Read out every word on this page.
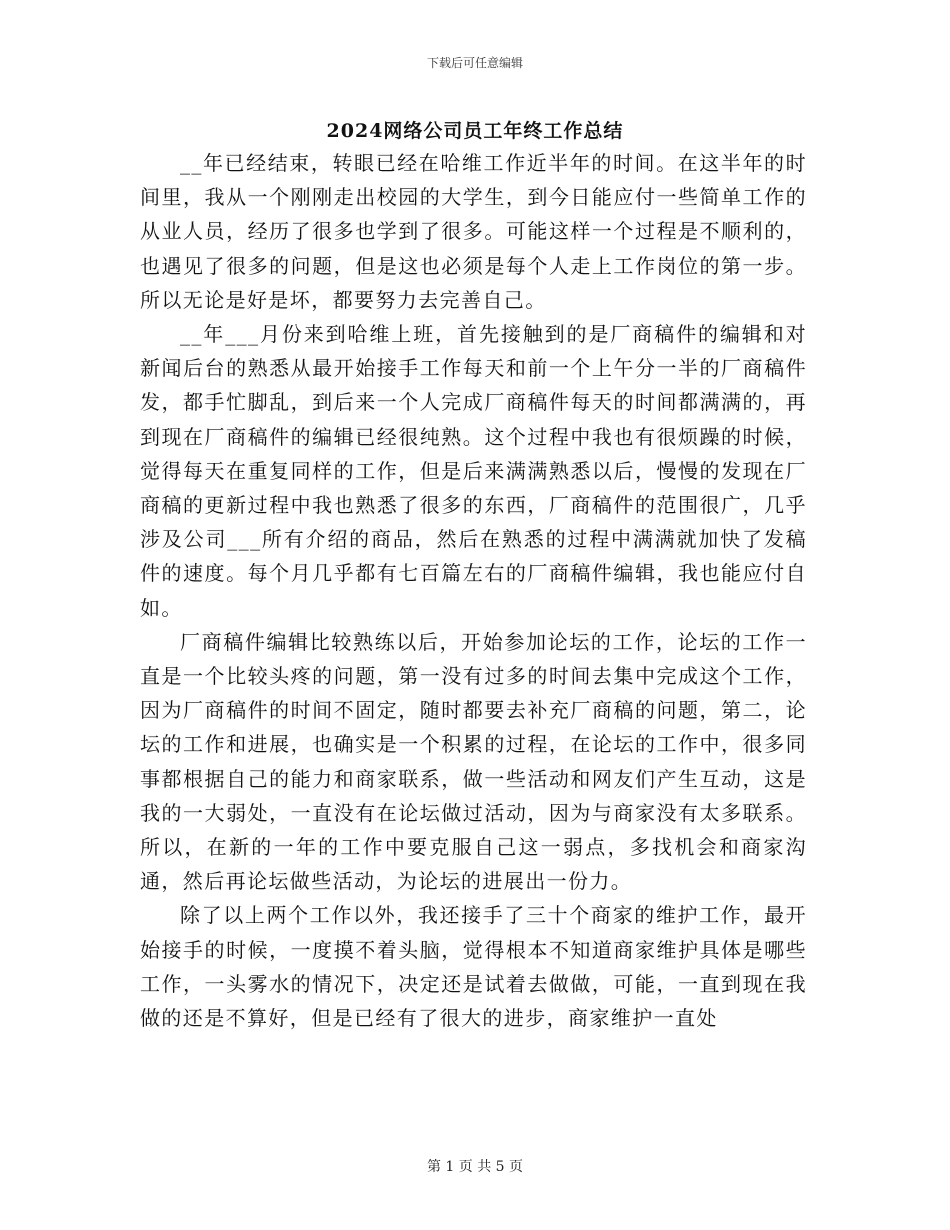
下载后可任意编辑
2024网络公司员工年终工作总结

__年已经结束，转眼已经在哈维工作近半年的时间。在这半年的时间里，我从一个刚刚走出校园的大学生，到今日能应付一些简单工作的从业人员，经历了很多也学到了很多。可能这样一个过程是不顺利的，也遇见了很多的问题，但是这也必须是每个人走上工作岗位的第一步。所以无论是好是坏，都要努力去完善自己。

__年___月份来到哈维上班，首先接触到的是厂商稿件的编辑和对新闻后台的熟悉从最开始接手工作每天和前一个上午分一半的厂商稿件发，都手忙脚乱，到后来一个人完成厂商稿件每天的时间都满满的，再到现在厂商稿件的编辑已经很纯熟。这个过程中我也有很烦躁的时候，觉得每天在重复同样的工作，但是后来满满熟悉以后，慢慢的发现在厂商稿的更新过程中我也熟悉了很多的东西，厂商稿件的范围很广，几乎涉及公司___所有介绍的商品，然后在熟悉的过程中满满就加快了发稿件的速度。每个月几乎都有七百篇左右的厂商稿件编辑，我也能应付自如。

厂商稿件编辑比较熟练以后，开始参加论坛的工作，论坛的工作一直是一个比较头疼的问题，第一没有过多的时间去集中完成这个工作，因为厂商稿件的时间不固定，随时都要去补充厂商稿的问题，第二，论坛的工作和进展，也确实是一个积累的过程，在论坛的工作中，很多同事都根据自己的能力和商家联系，做一些活动和网友们产生互动，这是我的一大弱处，一直没有在论坛做过活动，因为与商家没有太多联系。所以，在新的一年的工作中要克服自己这一弱点，多找机会和商家沟通，然后再论坛做些活动，为论坛的进展出一份力。

除了以上两个工作以外，我还接手了三十个商家的维护工作，最开始接手的时候，一度摸不着头脑，觉得根本不知道商家维护具体是哪些工作，一头雾水的情况下，决定还是试着去做做，可能，一直到现在我做的还是不算好，但是已经有了很大的进步，商家维护一直处

第 1 页 共 5 页
